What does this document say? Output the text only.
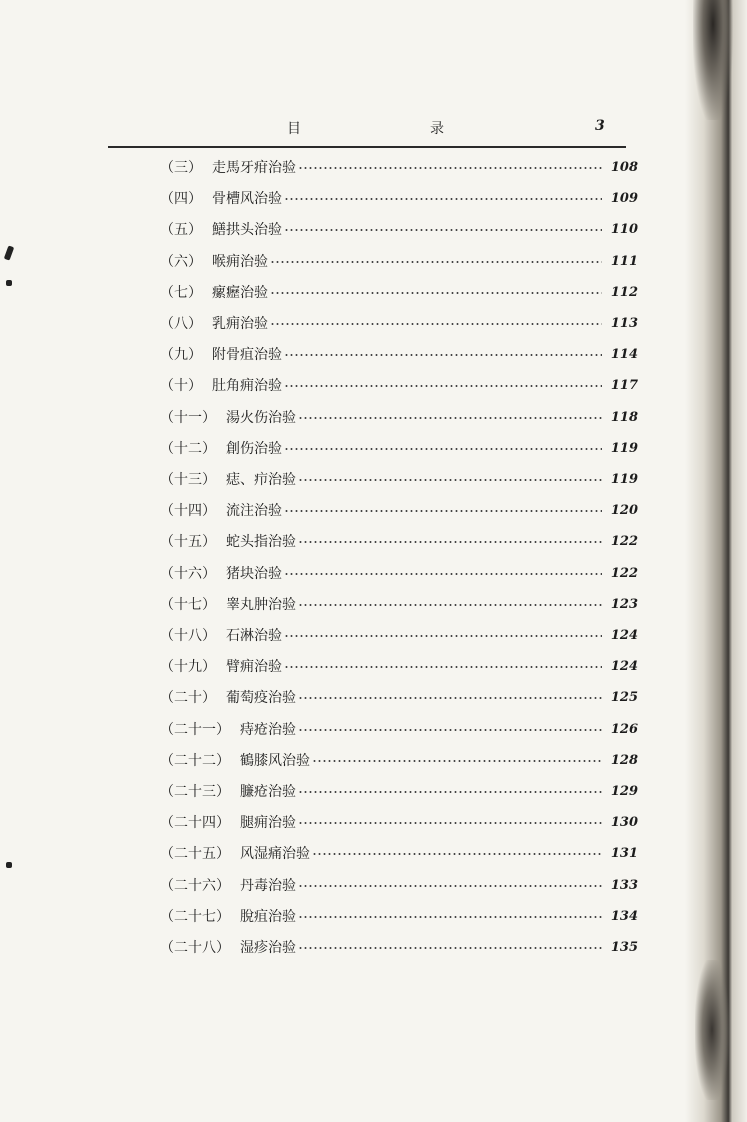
目	录	3
（三） 走馬牙疳治验	108
（四） 骨槽风治验	109
（五） 鱔拱头治验	110
（六） 喉痈治验	111
（七） 瘰癧治验	112
（八） 乳痈治验	113
（九） 附骨疽治验	114
（十） 肚角痈治验	117
（十一） 湯火伤治验	118
（十二） 創伤治验	119
（十三） 痣、疖治验	119
（十四） 流注治验	120
（十五） 蛇头指治验	122
（十六） 猪块治验	122
（十七） 睾丸肿治验	123
（十八） 石淋治验	124
（十九） 臂痈治验	124
（二十） 葡萄疫治验	125
（二十一） 痔疮治验	126
（二十二） 鶴膝风治验	128
（二十三） 臁疮治验	129
（二十四） 腿痈治验	130
（二十五） 风湿痛治验	131
（二十六） 丹毒治验	133
（二十七） 脫疽治验	134
（二十八） 湿疹治验	135
